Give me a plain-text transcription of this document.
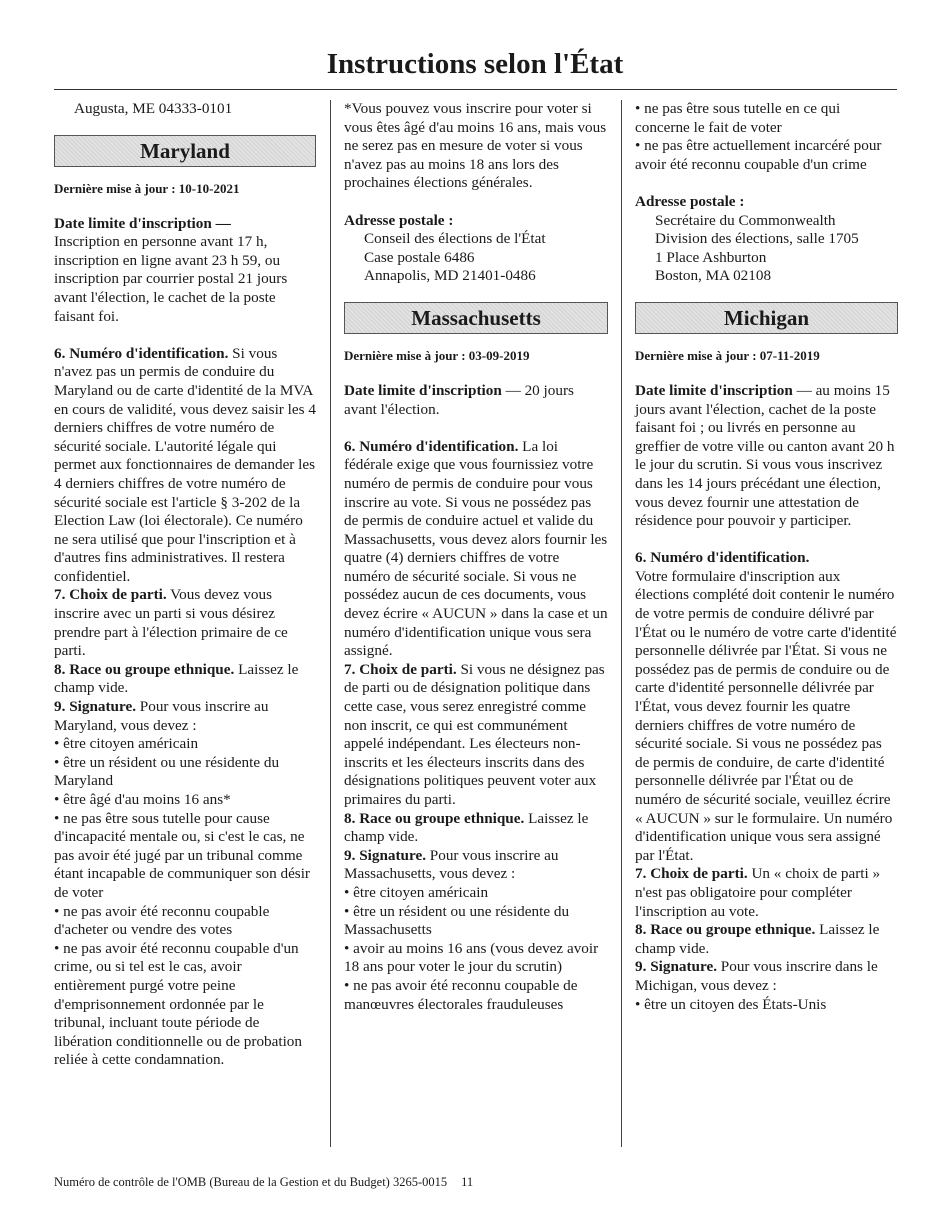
Instructions selon l'État

Augusta, ME 04333-0101

Maryland

Dernière mise à jour : 10-10-2021

Date limite d'inscription —
Inscription en personne avant 17 h, inscription en ligne avant 23 h 59, ou inscription par courrier postal 21 jours avant l'élection, le cachet de la poste faisant foi.

6. Numéro d'identification. Si vous n'avez pas un permis de conduire du Maryland ou de carte d'identité de la MVA en cours de validité, vous devez saisir les 4 derniers chiffres de votre numéro de sécurité sociale. L'autorité légale qui permet aux fonctionnaires de demander les 4 derniers chiffres de votre numéro de sécurité sociale est l'article § 3-202 de la Election Law (loi électorale). Ce numéro ne sera utilisé que pour l'inscription et à d'autres fins administratives. Il restera confidentiel.

7. Choix de parti. Vous devez vous inscrire avec un parti si vous désirez prendre part à l'élection primaire de ce parti.

8. Race ou groupe ethnique. Laissez le champ vide.

9. Signature. Pour vous inscrire au Maryland, vous devez :

• être citoyen américain

• être un résident ou une résidente du Maryland

• être âgé d'au moins 16 ans*

• ne pas être sous tutelle pour cause d'incapacité mentale ou, si c'est le cas, ne pas avoir été jugé par un tribunal comme étant incapable de communiquer son désir de voter

• ne pas avoir été reconnu coupable d'acheter ou vendre des votes

• ne pas avoir été reconnu coupable d'un crime, ou si tel est le cas, avoir entièrement purgé votre peine d'emprisonnement ordonnée par le tribunal, incluant toute période de libération conditionnelle ou de probation reliée à cette condamnation.

*Vous pouvez vous inscrire pour voter si vous êtes âgé d'au moins 16 ans, mais vous ne serez pas en mesure de voter si vous n'avez pas au moins 18 ans lors des prochaines élections générales.

Adresse postale :

Conseil des élections de l'État

Case postale 6486

Annapolis, MD 21401-0486

Massachusetts

Dernière mise à jour : 03-09-2019

Date limite d'inscription — 20 jours avant l'élection.

6. Numéro d'identification. La loi fédérale exige que vous fournissiez votre numéro de permis de conduire pour vous inscrire au vote. Si vous ne possédez pas de permis de conduire actuel et valide du Massachusetts, vous devez alors fournir les quatre (4) derniers chiffres de votre numéro de sécurité sociale. Si vous ne possédez aucun de ces documents, vous devez écrire « AUCUN » dans la case et un numéro d'identification unique vous sera assigné.

7. Choix de parti. Si vous ne désignez pas de parti ou de désignation politique dans cette case, vous serez enregistré comme non inscrit, ce qui est communément appelé indépendant. Les électeurs non-inscrits et les électeurs inscrits dans des désignations politiques peuvent voter aux primaires du parti.

8. Race ou groupe ethnique. Laissez le champ vide.

9. Signature. Pour vous inscrire au Massachusetts, vous devez :

• être citoyen américain

• être un résident ou une résidente du Massachusetts

• avoir au moins 16 ans (vous devez avoir 18 ans pour voter le jour du scrutin)

• ne pas avoir été reconnu coupable de manœuvres électorales frauduleuses

• ne pas être sous tutelle en ce qui concerne le fait de voter

• ne pas être actuellement incarcéré pour avoir été reconnu coupable d'un crime

Adresse postale :

Secrétaire du Commonwealth

Division des élections, salle 1705

1 Place Ashburton

Boston, MA 02108

Michigan

Dernière mise à jour : 07-11-2019

Date limite d'inscription — au moins 15 jours avant l'élection, cachet de la poste faisant foi ; ou livrés en personne au greffier de votre ville ou canton avant 20 h le jour du scrutin. Si vous vous inscrivez dans les 14 jours précédant une élection, vous devez fournir une attestation de résidence pour pouvoir y participer.

6. Numéro d'identification.

Votre formulaire d'inscription aux élections complété doit contenir le numéro de votre permis de conduire délivré par l'État ou le numéro de votre carte d'identité personnelle délivrée par l'État. Si vous ne possédez pas de permis de conduire ou de carte d'identité personnelle délivrée par l'État, vous devez fournir les quatre derniers chiffres de votre numéro de sécurité sociale. Si vous ne possédez pas de permis de conduire, de carte d'identité personnelle délivrée par l'État ou de numéro de sécurité sociale, veuillez écrire « AUCUN » sur le formulaire. Un numéro d'identification unique vous sera assigné par l'État.

7. Choix de parti. Un « choix de parti » n'est pas obligatoire pour compléter l'inscription au vote.

8. Race ou groupe ethnique. Laissez le champ vide.

9. Signature. Pour vous inscrire dans le Michigan, vous devez :

• être un citoyen des États-Unis

Numéro de contrôle de l'OMB (Bureau de la Gestion et du Budget) 3265-0015 11
